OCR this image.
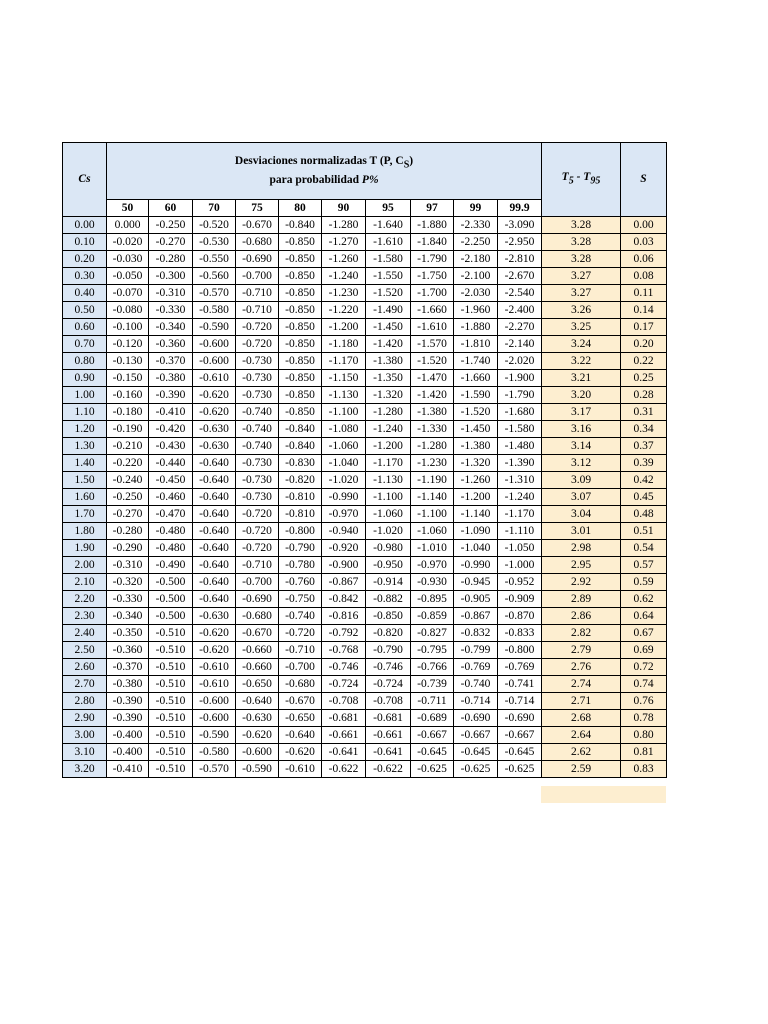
Cs	Desviaciones normalizadas T (P, $C_S$)
para probabilidad P%										$T_5 - T_{95}$	S
	50	60	70	75	80	90	95	97	99	99.9		
0.00	0.000	-0.250	-0.520	-0.670	-0.840	-1.280	-1.640	-1.880	-2.330	-3.090	3.28	0.00
0.10	-0.020	-0.270	-0.530	-0.680	-0.850	-1.270	-1.610	-1.840	-2.250	-2.950	3.28	0.03
0.20	-0.030	-0.280	-0.550	-0.690	-0.850	-1.260	-1.580	-1.790	-2.180	-2.810	3.28	0.06
0.30	-0.050	-0.300	-0.560	-0.700	-0.850	-1.240	-1.550	-1.750	-2.100	-2.670	3.27	0.08
0.40	-0.070	-0.310	-0.570	-0.710	-0.850	-1.230	-1.520	-1.700	-2.030	-2.540	3.27	0.11
0.50	-0.080	-0.330	-0.580	-0.710	-0.850	-1.220	-1.490	-1.660	-1.960	-2.400	3.26	0.14
0.60	-0.100	-0.340	-0.590	-0.720	-0.850	-1.200	-1.450	-1.610	-1.880	-2.270	3.25	0.17
0.70	-0.120	-0.360	-0.600	-0.720	-0.850	-1.180	-1.420	-1.570	-1.810	-2.140	3.24	0.20
0.80	-0.130	-0.370	-0.600	-0.730	-0.850	-1.170	-1.380	-1.520	-1.740	-2.020	3.22	0.22
0.90	-0.150	-0.380	-0.610	-0.730	-0.850	-1.150	-1.350	-1.470	-1.660	-1.900	3.21	0.25
1.00	-0.160	-0.390	-0.620	-0.730	-0.850	-1.130	-1.320	-1.420	-1.590	-1.790	3.20	0.28
1.10	-0.180	-0.410	-0.620	-0.740	-0.850	-1.100	-1.280	-1.380	-1.520	-1.680	3.17	0.31
1.20	-0.190	-0.420	-0.630	-0.740	-0.840	-1.080	-1.240	-1.330	-1.450	-1.580	3.16	0.34
1.30	-0.210	-0.430	-0.630	-0.740	-0.840	-1.060	-1.200	-1.280	-1.380	-1.480	3.14	0.37
1.40	-0.220	-0.440	-0.640	-0.730	-0.830	-1.040	-1.170	-1.230	-1.320	-1.390	3.12	0.39
1.50	-0.240	-0.450	-0.640	-0.730	-0.820	-1.020	-1.130	-1.190	-1.260	-1.310	3.09	0.42
1.60	-0.250	-0.460	-0.640	-0.730	-0.810	-0.990	-1.100	-1.140	-1.200	-1.240	3.07	0.45
1.70	-0.270	-0.470	-0.640	-0.720	-0.810	-0.970	-1.060	-1.100	-1.140	-1.170	3.04	0.48
1.80	-0.280	-0.480	-0.640	-0.720	-0.800	-0.940	-1.020	-1.060	-1.090	-1.110	3.01	0.51
1.90	-0.290	-0.480	-0.640	-0.720	-0.790	-0.920	-0.980	-1.010	-1.040	-1.050	2.98	0.54
2.00	-0.310	-0.490	-0.640	-0.710	-0.780	-0.900	-0.950	-0.970	-0.990	-1.000	2.95	0.57
2.10	-0.320	-0.500	-0.640	-0.700	-0.760	-0.867	-0.914	-0.930	-0.945	-0.952	2.92	0.59
2.20	-0.330	-0.500	-0.640	-0.690	-0.750	-0.842	-0.882	-0.895	-0.905	-0.909	2.89	0.62
2.30	-0.340	-0.500	-0.630	-0.680	-0.740	-0.816	-0.850	-0.859	-0.867	-0.870	2.86	0.64
2.40	-0.350	-0.510	-0.620	-0.670	-0.720	-0.792	-0.820	-0.827	-0.832	-0.833	2.82	0.67
2.50	-0.360	-0.510	-0.620	-0.660	-0.710	-0.768	-0.790	-0.795	-0.799	-0.800	2.79	0.69
2.60	-0.370	-0.510	-0.610	-0.660	-0.700	-0.746	-0.746	-0.766	-0.769	-0.769	2.76	0.72
2.70	-0.380	-0.510	-0.610	-0.650	-0.680	-0.724	-0.724	-0.739	-0.740	-0.741	2.74	0.74
2.80	-0.390	-0.510	-0.600	-0.640	-0.670	-0.708	-0.708	-0.711	-0.714	-0.714	2.71	0.76
2.90	-0.390	-0.510	-0.600	-0.630	-0.650	-0.681	-0.681	-0.689	-0.690	-0.690	2.68	0.78
3.00	-0.400	-0.510	-0.590	-0.620	-0.640	-0.661	-0.661	-0.667	-0.667	-0.667	2.64	0.80
3.10	-0.400	-0.510	-0.580	-0.600	-0.620	-0.641	-0.641	-0.645	-0.645	-0.645	2.62	0.81
3.20	-0.410	-0.510	-0.570	-0.590	-0.610	-0.622	-0.622	-0.625	-0.625	-0.625	2.59	0.83
